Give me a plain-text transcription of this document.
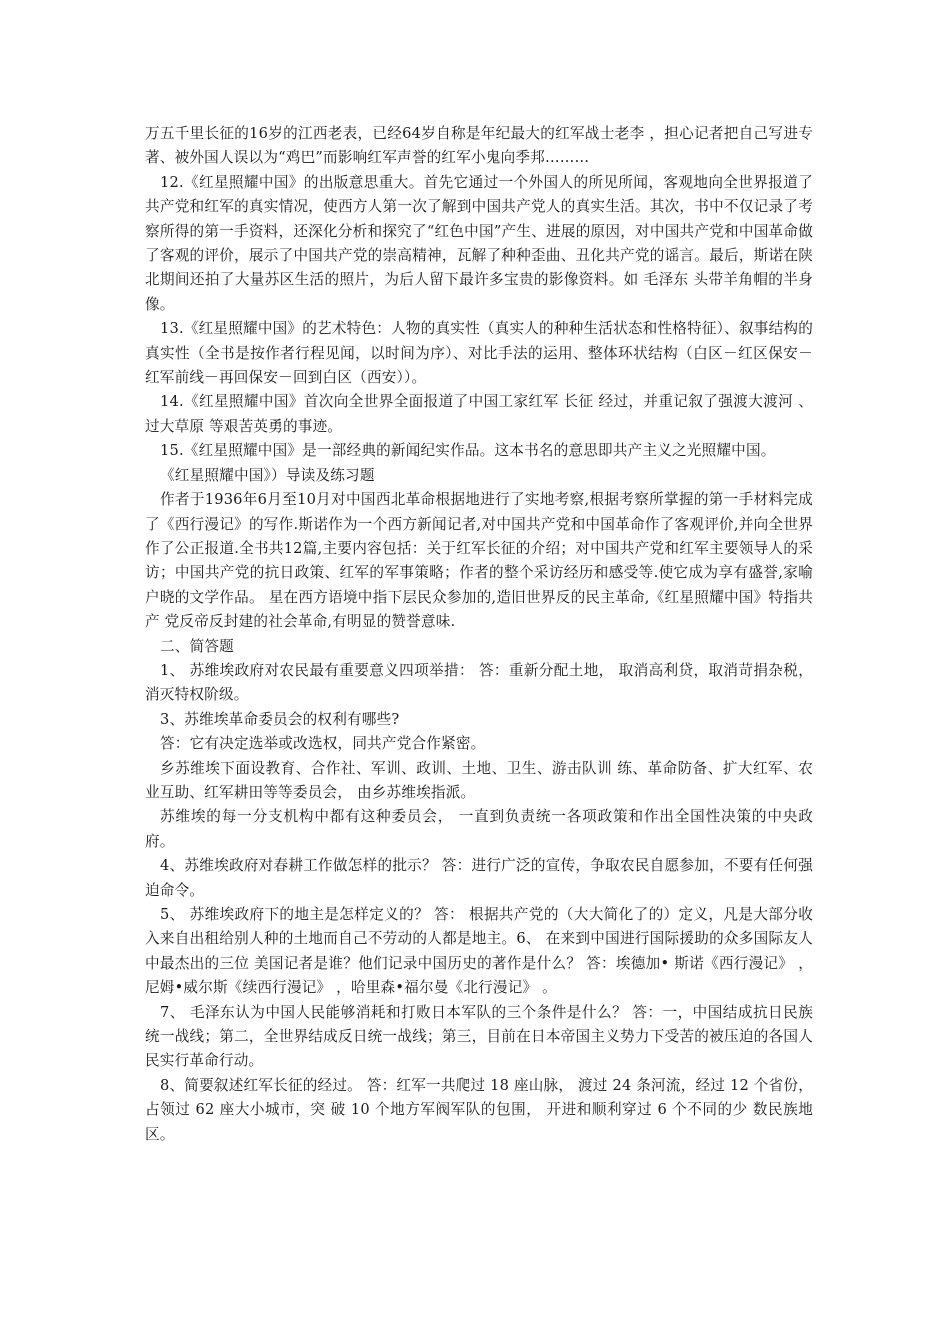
万五千里长征的16岁的江西老表，已经64岁自称是年纪最大的红军战士老李 ，担心记者把自己写进专著、被外国人误以为“鸡巴”而影响红军声誉的红军小鬼向季邦………

12.《红星照耀中国》的出版意思重大。首先它通过一个外国人的所见所闻，客观地向全世界报道了共产党和红军的真实情况，使西方人第一次了解到中国共产党人的真实生活。其次，书中不仅记录了考察所得的第一手资料，还深化分析和探究了“红色中国”产生、进展的原因，对中国共产党和中国革命做了客观的评价，展示了中国共产党的崇高精神，瓦解了种种歪曲、丑化共产党的谣言。最后，斯诺在陕北期间还拍了大量苏区生活的照片，为后人留下最许多宝贵的影像资料。如 毛泽东 头带羊角帽的半身像。

13.《红星照耀中国》的艺术特色：人物的真实性（真实人的种种生活状态和性格特征）、叙事结构的真实性（全书是按作者行程见闻，以时间为序）、对比手法的运用、整体环状结构（白区－红区保安－红军前线－再回保安－回到白区（西安））。

14.《红星照耀中国》首次向全世界全面报道了中国工家红军 长征 经过，并重记叙了强渡大渡河 、 过大草原 等艰苦英勇的事迹。

15.《红星照耀中国》是一部经典的新闻纪实作品。这本书名的意思即共产主义之光照耀中国。

《红星照耀中国》）导读及练习题

作者于1936年6月至10月对中国西北革命根据地进行了实地考察,根据考察所掌握的第一手材料完成了《西行漫记》的写作.斯诺作为一个西方新闻记者,对中国共产党和中国革命作了客观评价,并向全世界作了公正报道.全书共12篇,主要内容包括：关于红军长征的介绍；对中国共产党和红军主要领导人的采访；中国共产党的抗日政策、红军的军事策略；作者的整个采访经历和感受等.使它成为享有盛誉,家喻户晓的文学作品。 星在西方语境中指下层民众参加的,造旧世界反的民主革命,《红星照耀中国》特指共 产 党反帝反封建的社会革命,有明显的赞誉意味.

二、简答题

1、 苏维埃政府对农民最有重要意义四项举措： 答：重新分配土地， 取消高利贷，取消苛捐杂税，消灭特权阶级。

3、苏维埃革命委员会的权利有哪些?

答：它有决定选举或改选权，同共产党合作紧密。

乡苏维埃下面设教育、合作社、军训、政训、土地、卫生、游击队训 练、革命防备、扩大红军、农业互助、红军耕田等等委员会， 由乡苏维埃指派。

苏维埃的每一分支机构中都有这种委员会， 一直到负责统一各项政策和作出全国性决策的中央政府。

4、苏维埃政府对春耕工作做怎样的批示？ 答：进行广泛的宣传，争取农民自愿参加，不要有任何强迫命令。

5、 苏维埃政府下的地主是怎样定义的？ 答： 根据共产党的（大大简化了的）定义，凡是大部分收入来自出租给别人种的土地而自己不劳动的人都是地主。6、 在来到中国进行国际援助的众多国际友人中最杰出的三位 美国记者是谁？他们记录中国历史的著作是什么？ 答：埃德加• 斯诺《西行漫记》 ，尼姆•威尔斯《续西行漫记》 ，哈里森•福尔曼《北行漫记》 。

7、 毛泽东认为中国人民能够消耗和打败日本军队的三个条件是什么？ 答：一，中国结成抗日民族统一战线；第二，全世界结成反日统一战线；第三，目前在日本帝国主义势力下受苦的被压迫的各国人民实行革命行动。

8、简要叙述红军长征的经过。 答：红军一共爬过 18 座山脉， 渡过 24 条河流，经过 12 个省份，占领过 62 座大小城市，突 破 10 个地方军阀军队的包围， 开进和顺利穿过 6 个不同的少 数民族地区。
